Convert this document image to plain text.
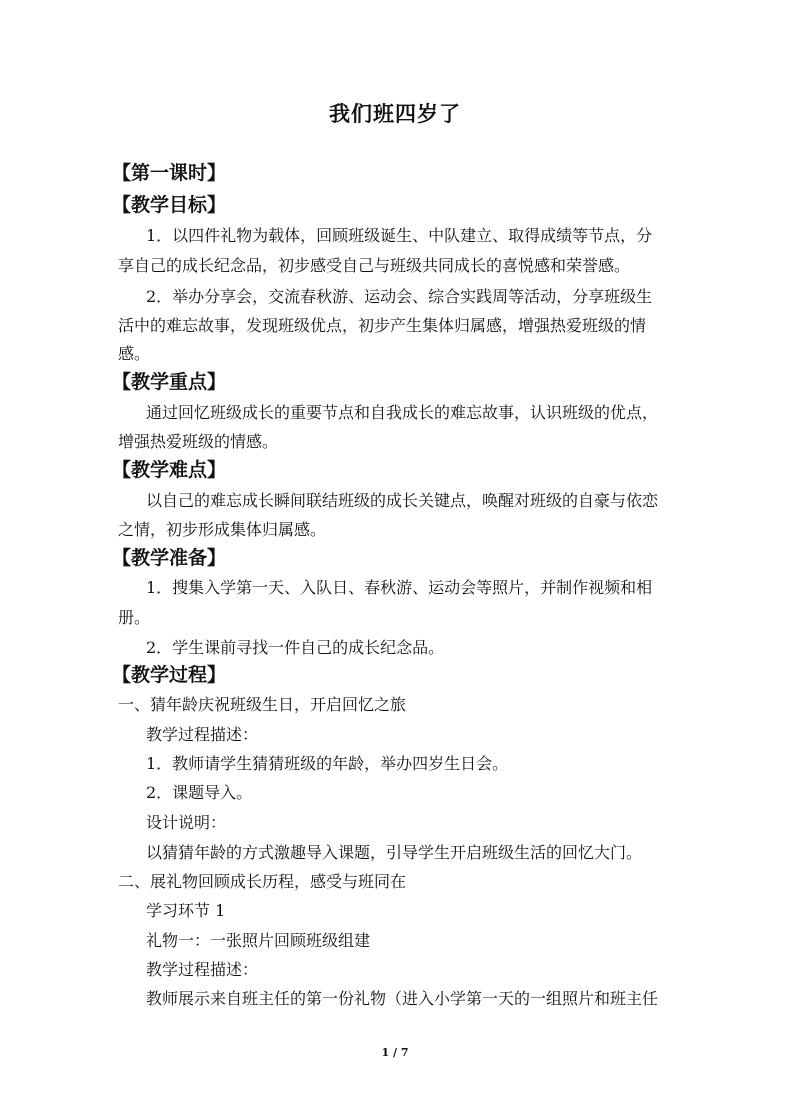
我们班四岁了
【第一课时】
【教学目标】
1．以四件礼物为载体，回顾班级诞生、中队建立、取得成绩等节点，分
享自己的成长纪念品，初步感受自己与班级共同成长的喜悦感和荣誉感。
2．举办分享会，交流春秋游、运动会、综合实践周等活动，分享班级生
活中的难忘故事，发现班级优点，初步产生集体归属感，增强热爱班级的情
感。
【教学重点】
通过回忆班级成长的重要节点和自我成长的难忘故事，认识班级的优点，
增强热爱班级的情感。
【教学难点】
以自己的难忘成长瞬间联结班级的成长关键点，唤醒对班级的自豪与依恋
之情，初步形成集体归属感。
【教学准备】
1．搜集入学第一天、入队日、春秋游、运动会等照片，并制作视频和相
册。
2．学生课前寻找一件自己的成长纪念品。
【教学过程】
一、猜年龄庆祝班级生日，开启回忆之旅
教学过程描述：
1．教师请学生猜猜班级的年龄，举办四岁生日会。
2．课题导入。
设计说明：
以猜猜年龄的方式激趣导入课题，引导学生开启班级生活的回忆大门。
二、展礼物回顾成长历程，感受与班同在
学习环节 1
礼物一：一张照片回顾班级组建
教学过程描述：
教师展示来自班主任的第一份礼物（进入小学第一天的一组照片和班主任
1 / 7
